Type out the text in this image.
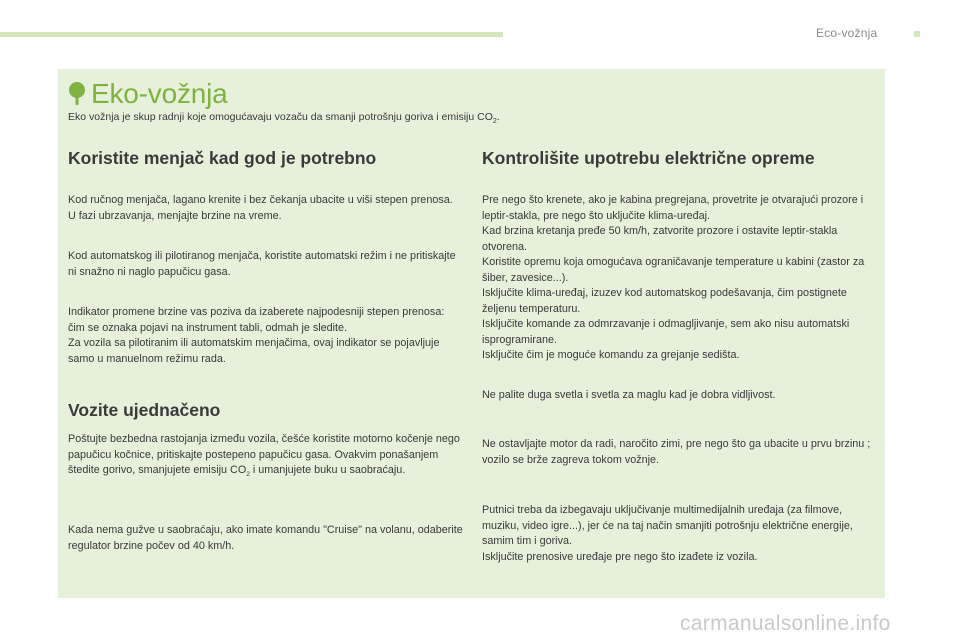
Eco-vožnja
Eko-vožnja
Eko vožnja je skup radnji koje omogućavaju vozaču da smanji potrošnju goriva i emisiju $CO_2$.
Koristite menjač kad god je potrebno

Kod ručnog menjača, lagano krenite i bez čekanja ubacite u viši stepen prenosa. U fazi ubrzavanja, menjajte brzine na vreme.

Kod automatskog ili pilotiranog menjača, koristite automatski režim i ne pritiskajte ni snažno ni naglo papučicu gasa.

Indikator promene brzine vas poziva da izaberete najpodesniji stepen prenosa: čim se oznaka pojavi na instrument tabli, odmah je sledite.

Za vozila sa pilotiranim ili automatskim menjačima, ovaj indikator se pojavljuje samo u manuelnom režimu rada.

Vozite ujednačeno

Poštujte bezbedna rastojanja između vozila, češće koristite motorno kočenje nego papučicu kočnice, pritiskajte postepeno papučicu gasa. Ovakvim ponašanjem štedite gorivo, smanjujete emisiju $CO_2$ i umanjujete buku u saobraćaju.

Kada nema gužve u saobraćaju, ako imate komandu "Cruise" na volanu, odaberite regulator brzine počev od 40 km/h.

Kontrolišite upotrebu električne opreme

Pre nego što krenete, ako je kabina pregrejana, provetrite je otvarajući prozore i leptir-stakla, pre nego što uključite klima-uređaj.

Kad brzina kretanja pređe 50 km/h, zatvorite prozore i ostavite leptir-stakla otvorena.

Koristite opremu koja omogućava ograničavanje temperature u kabini (zastor za šiber, zavesice...).

Isključite klima-uređaj, izuzev kod automatskog podešavanja, čim postignete željenu temperaturu.

Isključite komande za odmrzavanje i odmagljivanje, sem ako nisu automatski isprogramirane.

Isključite čim je moguće komandu za grejanje sedišta.

Ne palite duga svetla i svetla za maglu kad je dobra vidljivost.

Ne ostavljajte motor da radi, naročito zimi, pre nego što ga ubacite u prvu brzinu ; vozilo se brže zagreva tokom vožnje.

Putnici treba da izbegavaju uključivanje multimedijalnih uređaja (za filmove, muziku, video igre...), jer će na taj način smanjiti potrošnju električne energije, samim tim i goriva.

Isključite prenosive uređaje pre nego što izađete iz vozila.

carmanualsonline.info
